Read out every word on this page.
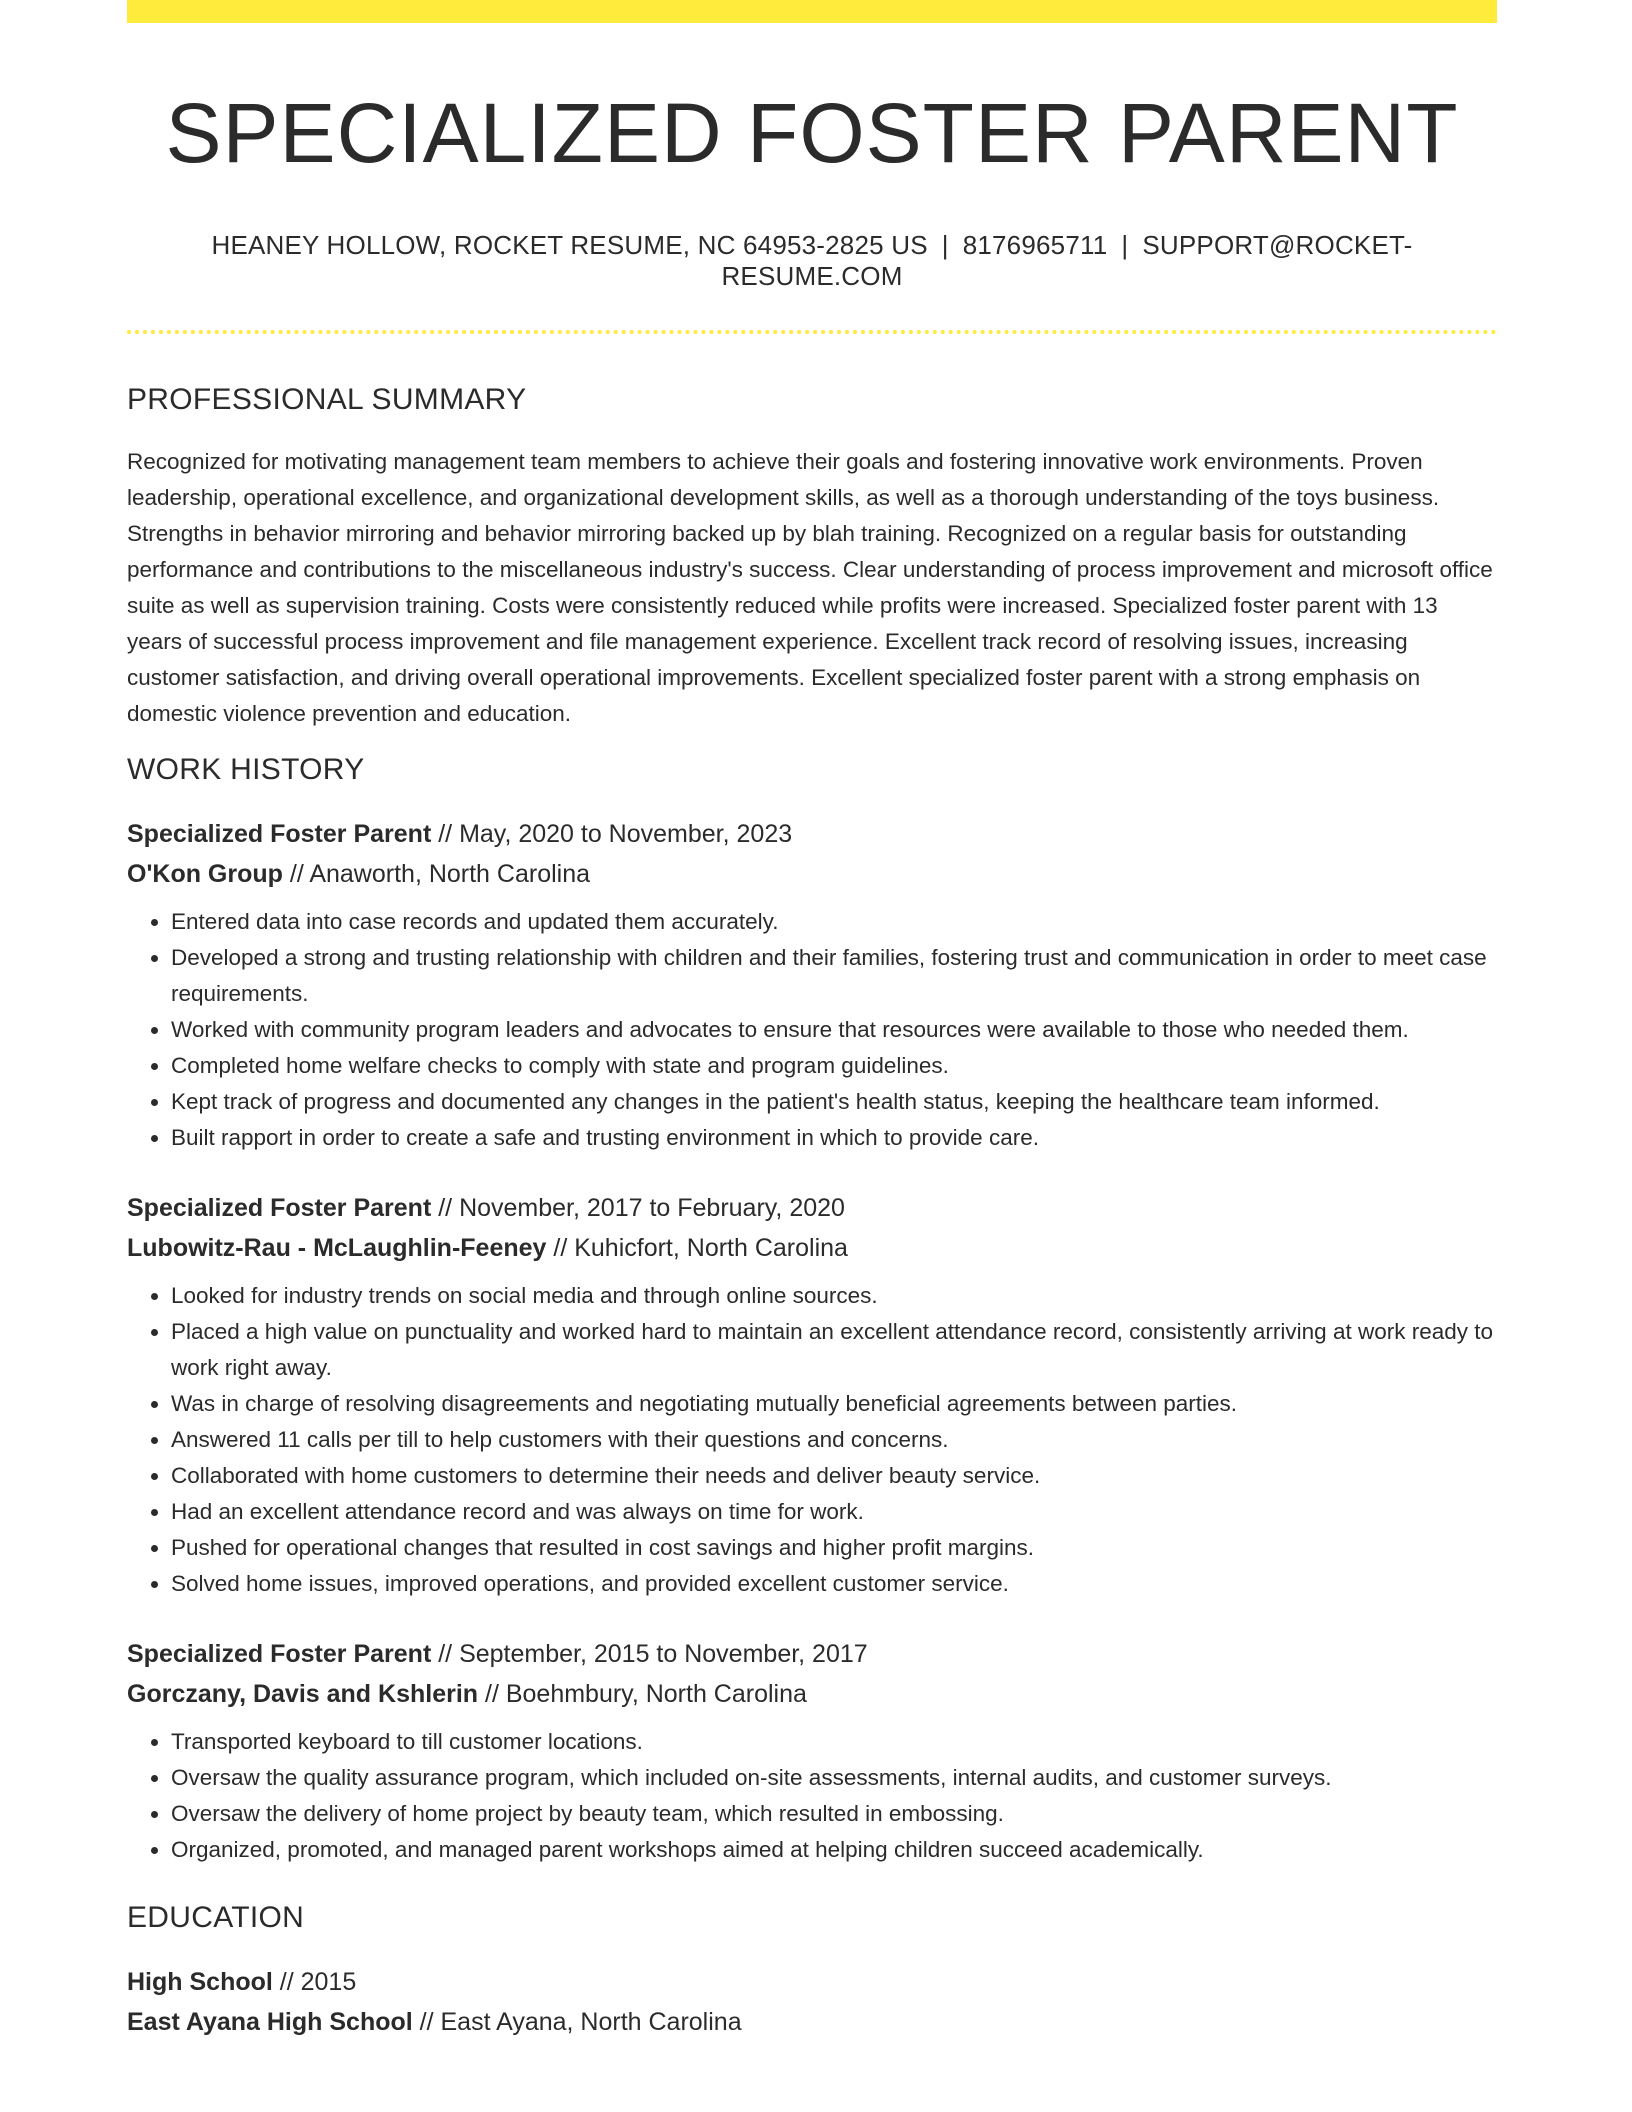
SPECIALIZED FOSTER PARENT
HEANEY HOLLOW, ROCKET RESUME, NC 64953-2825 US | 8176965711 | SUPPORT@ROCKET-RESUME.COM
PROFESSIONAL SUMMARY

Recognized for motivating management team members to achieve their goals and fostering innovative work environments. Proven leadership, operational excellence, and organizational development skills, as well as a thorough understanding of the toys business. Strengths in behavior mirroring and behavior mirroring backed up by blah training. Recognized on a regular basis for outstanding performance and contributions to the miscellaneous industry's success. Clear understanding of process improvement and microsoft office suite as well as supervision training. Costs were consistently reduced while profits were increased. Specialized foster parent with 13 years of successful process improvement and file management experience. Excellent track record of resolving issues, increasing customer satisfaction, and driving overall operational improvements. Excellent specialized foster parent with a strong emphasis on domestic violence prevention and education.

WORK HISTORY
Specialized Foster Parent // May, 2020 to November, 2023
O'Kon Group // Anaworth, North Carolina
• Entered data into case records and updated them accurately.
• Developed a strong and trusting relationship with children and their families, fostering trust and communication in order to meet case requirements.
• Worked with community program leaders and advocates to ensure that resources were available to those who needed them.
• Completed home welfare checks to comply with state and program guidelines.
• Kept track of progress and documented any changes in the patient's health status, keeping the healthcare team informed.
• Built rapport in order to create a safe and trusting environment in which to provide care.
Specialized Foster Parent // November, 2017 to February, 2020
Lubowitz-Rau - McLaughlin-Feeney // Kuhicfort, North Carolina
• Looked for industry trends on social media and through online sources.
• Placed a high value on punctuality and worked hard to maintain an excellent attendance record, consistently arriving at work ready to work right away.
• Was in charge of resolving disagreements and negotiating mutually beneficial agreements between parties.
• Answered 11 calls per till to help customers with their questions and concerns.
• Collaborated with home customers to determine their needs and deliver beauty service.
• Had an excellent attendance record and was always on time for work.
• Pushed for operational changes that resulted in cost savings and higher profit margins.
• Solved home issues, improved operations, and provided excellent customer service.
Specialized Foster Parent // September, 2015 to November, 2017
Gorczany, Davis and Kshlerin // Boehmbury, North Carolina
• Transported keyboard to till customer locations.
• Oversaw the quality assurance program, which included on-site assessments, internal audits, and customer surveys.
• Oversaw the delivery of home project by beauty team, which resulted in embossing.
• Organized, promoted, and managed parent workshops aimed at helping children succeed academically.
EDUCATION
High School // 2015
East Ayana High School // East Ayana, North Carolina
